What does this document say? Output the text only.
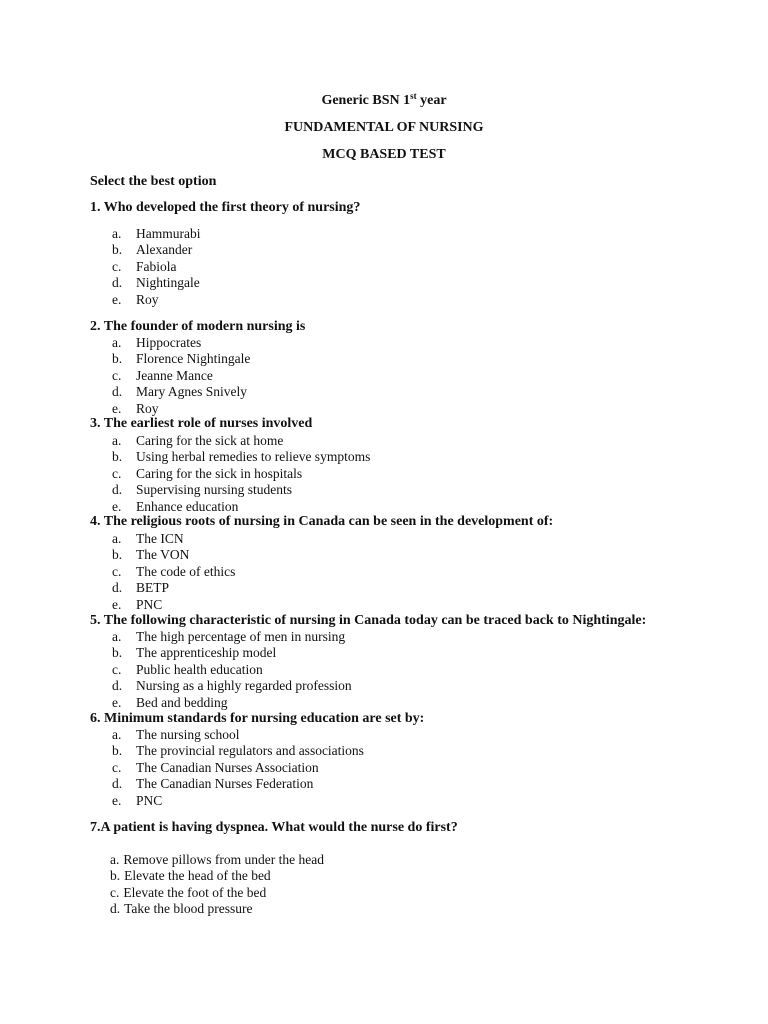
Generic BSN 1st year
FUNDAMENTAL OF NURSING
MCQ BASED TEST
Select the best option
1. Who developed the first theory of nursing?
a. Hammurabi
b. Alexander
c. Fabiola
d. Nightingale
e. Roy
2. The founder of modern nursing is
a. Hippocrates
b. Florence Nightingale
c. Jeanne Mance
d. Mary Agnes Snively
e. Roy
3. The earliest role of nurses involved
a. Caring for the sick at home
b. Using herbal remedies to relieve symptoms
c. Caring for the sick in hospitals
d. Supervising nursing students
e. Enhance education
4. The religious roots of nursing in Canada can be seen in the development of:
a. The ICN
b. The VON
c. The code of ethics
d. BETP
e. PNC
5. The following characteristic of nursing in Canada today can be traced back to Nightingale:
a. The high percentage of men in nursing
b. The apprenticeship model
c. Public health education
d. Nursing as a highly regarded profession
e. Bed and bedding
6. Minimum standards for nursing education are set by:
a. The nursing school
b. The provincial regulators and associations
c. The Canadian Nurses Association
d. The Canadian Nurses Federation
e. PNC
7.A patient is having dyspnea. What would the nurse do first?
a. Remove pillows from under the head
b. Elevate the head of the bed
c. Elevate the foot of the bed
d. Take the blood pressure
